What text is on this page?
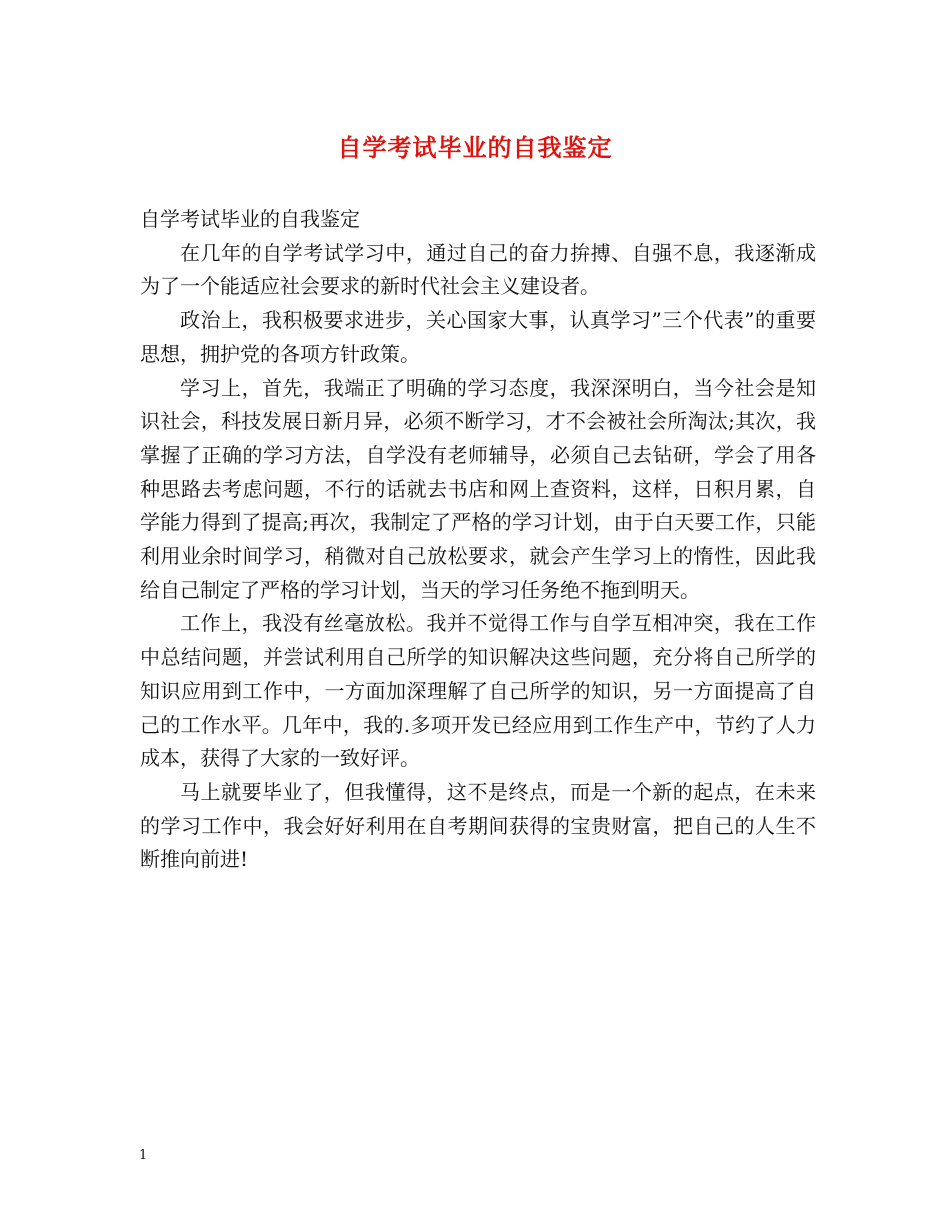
自学考试毕业的自我鉴定

自学考试毕业的自我鉴定

在几年的自学考试学习中，通过自己的奋力拚搏、自强不息，我逐渐成为了一个能适应社会要求的新时代社会主义建设者。

政治上，我积极要求进步，关心国家大事，认真学习”三个代表”的重要思想，拥护党的各项方针政策。

学习上，首先，我端正了明确的学习态度，我深深明白，当今社会是知识社会，科技发展日新月异，必须不断学习，才不会被社会所淘汰;其次，我掌握了正确的学习方法，自学没有老师辅导，必须自己去钻研，学会了用各种思路去考虑问题，不行的话就去书店和网上查资料，这样，日积月累，自学能力得到了提高;再次，我制定了严格的学习计划，由于白天要工作，只能利用业余时间学习，稍微对自己放松要求，就会产生学习上的惰性，因此我给自己制定了严格的学习计划，当天的学习任务绝不拖到明天。

工作上，我没有丝毫放松。我并不觉得工作与自学互相冲突，我在工作中总结问题，并尝试利用自己所学的知识解决这些问题，充分将自己所学的知识应用到工作中，一方面加深理解了自己所学的知识，另一方面提高了自己的工作水平。几年中，我的.多项开发已经应用到工作生产中，节约了人力成本，获得了大家的一致好评。

马上就要毕业了，但我懂得，这不是终点，而是一个新的起点，在未来的学习工作中，我会好好利用在自考期间获得的宝贵财富，把自己的人生不断推向前进!

1
